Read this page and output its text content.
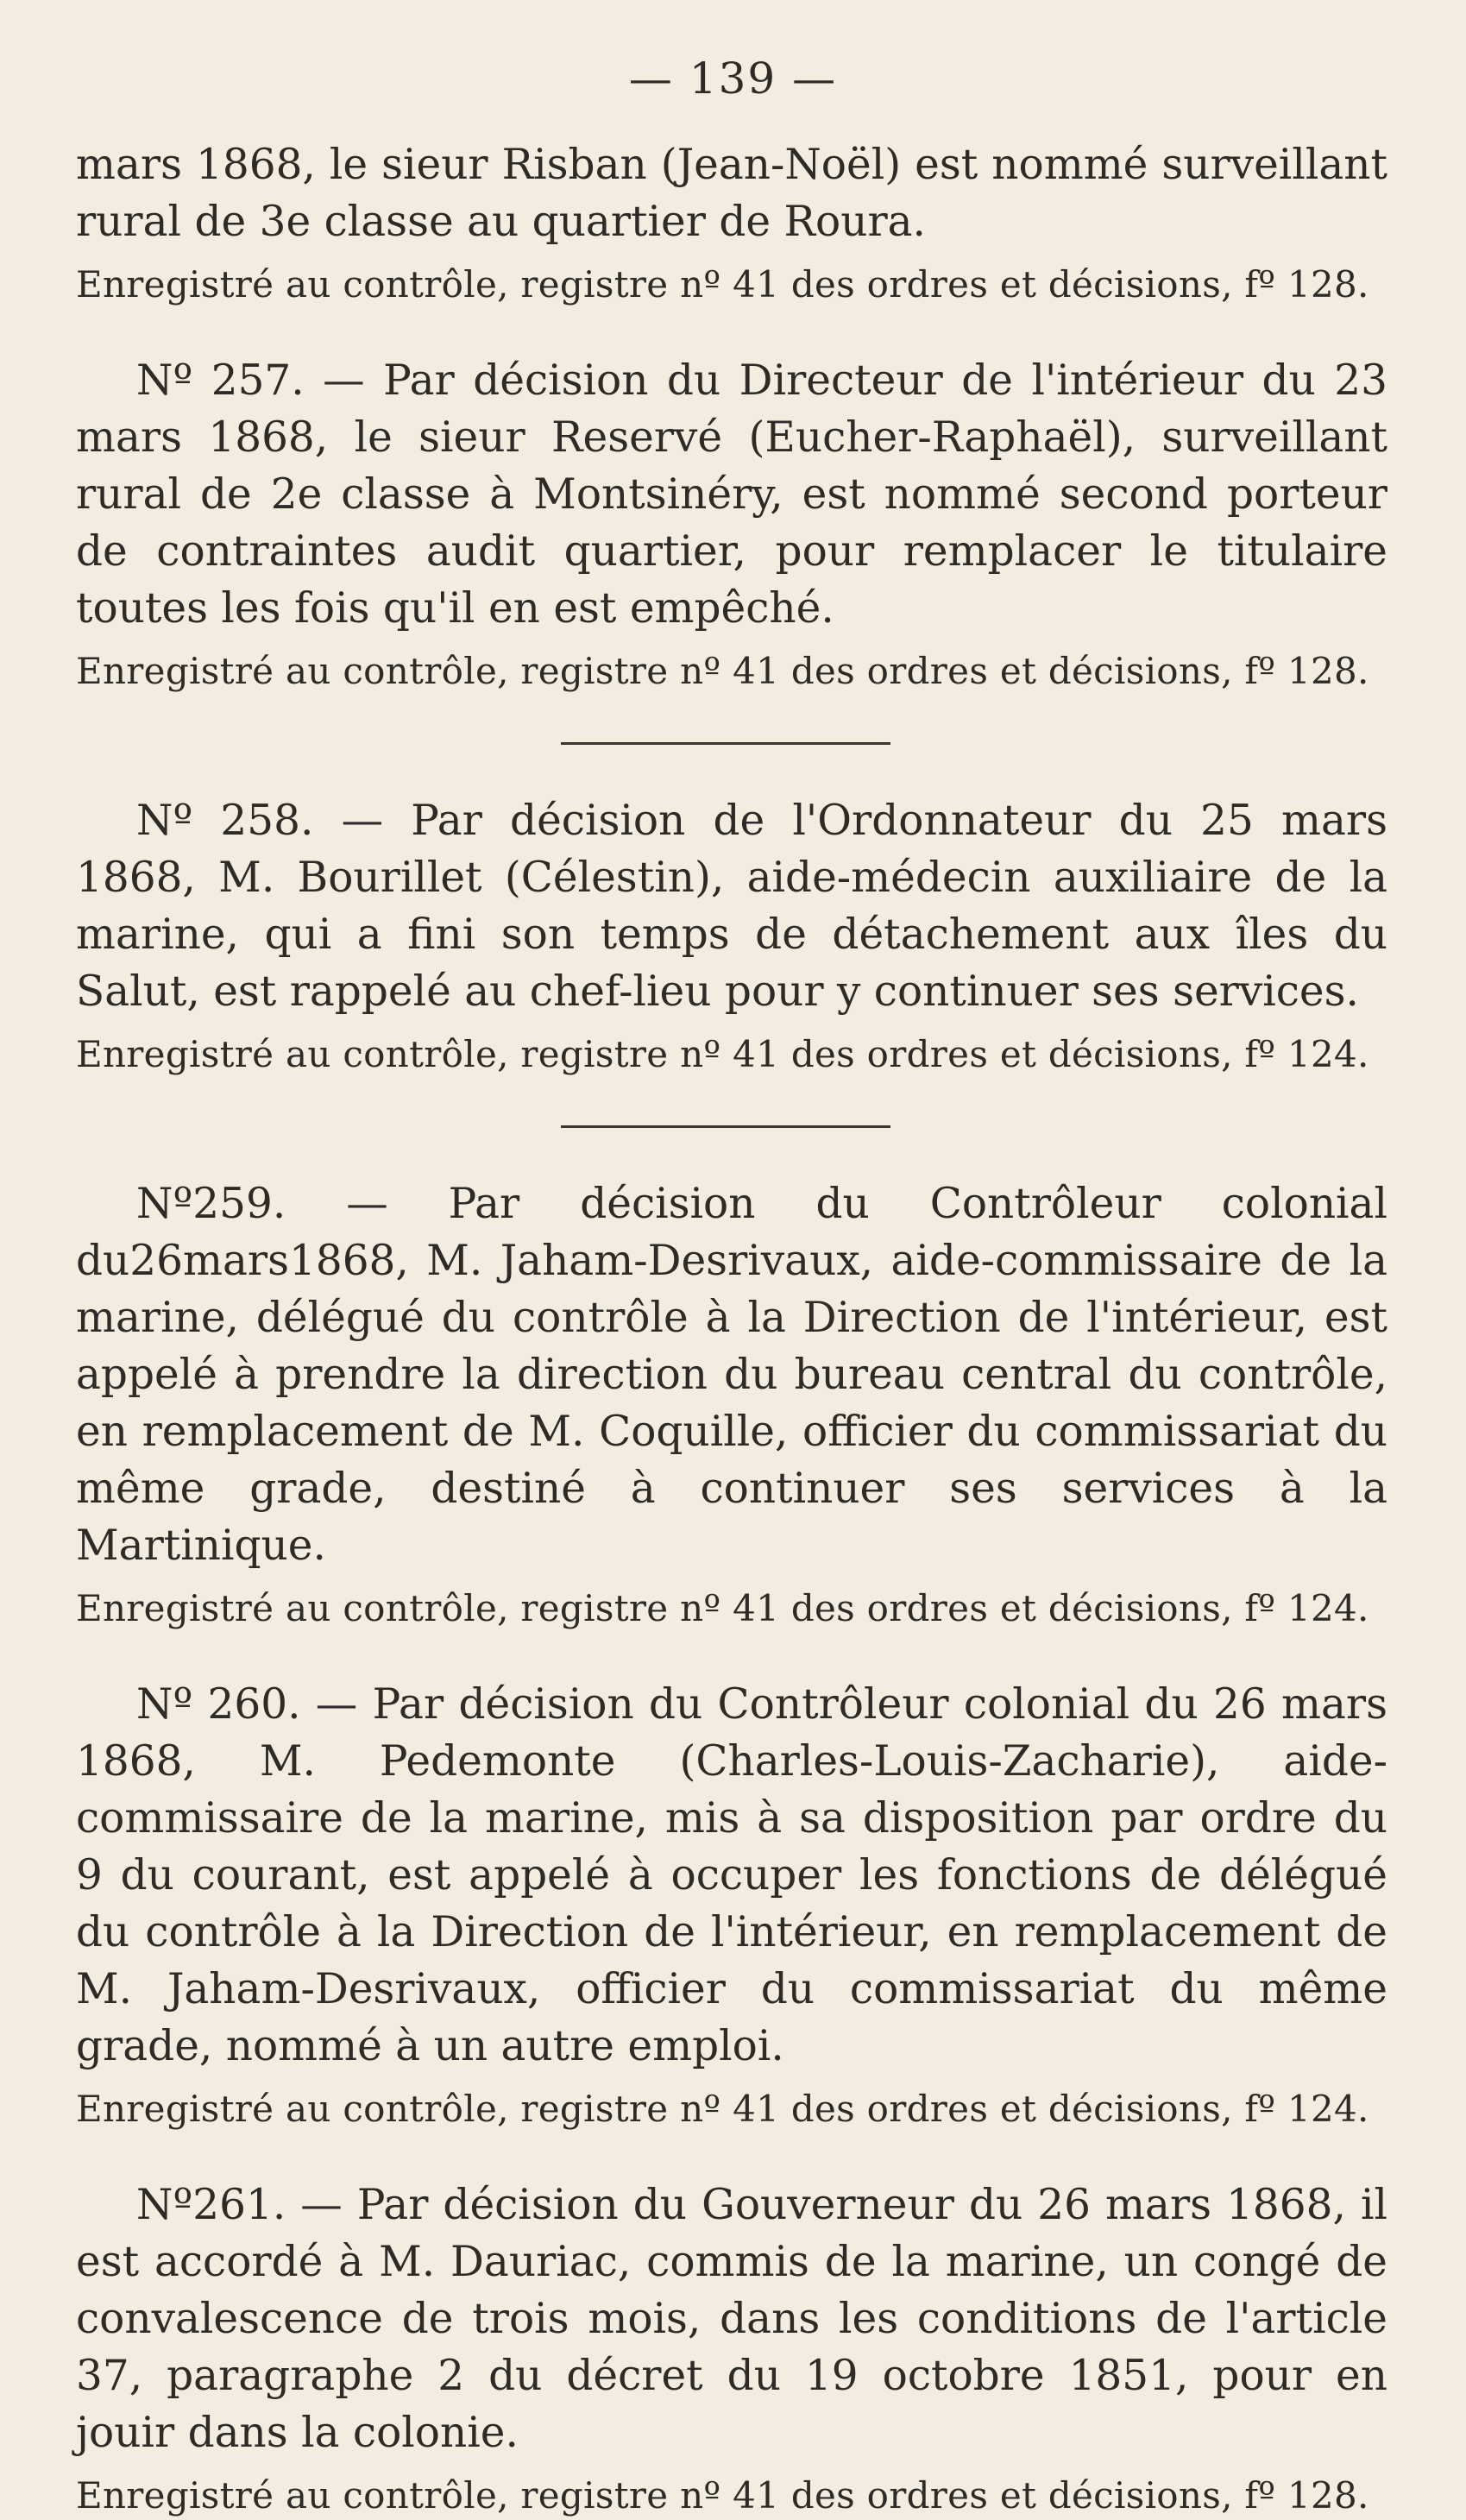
— 139 —

mars 1868, le sieur Risban (Jean-Noël) est nommé surveillant rural de 3e classe au quartier de Roura.

Enregistré au contrôle, registre nº 41 des ordres et décisions, fº 128.

Nº 257. — Par décision du Directeur de l'intérieur du 23 mars 1868, le sieur Reservé (Eucher-Raphaël), surveillant rural de 2e classe à Montsinéry, est nommé second porteur de contraintes audit quartier, pour remplacer le titulaire toutes les fois qu'il en est empêché.

Enregistré au contrôle, registre nº 41 des ordres et décisions, fº 128.

Nº 258. — Par décision de l'Ordonnateur du 25 mars 1868, M. Bourillet (Célestin), aide-médecin auxiliaire de la marine, qui a fini son temps de détachement aux îles du Salut, est rappelé au chef-lieu pour y continuer ses services.

Enregistré au contrôle, registre nº 41 des ordres et décisions, fº 124.

Nº259. — Par décision du Contrôleur colonial du26mars1868, M. Jaham-Desrivaux, aide-commissaire de la marine, délégué du contrôle à la Direction de l'intérieur, est appelé à prendre la direction du bureau central du contrôle, en remplacement de M. Coquille, officier du commissariat du même grade, destiné à continuer ses services à la Martinique.

Enregistré au contrôle, registre nº 41 des ordres et décisions, fº 124.

Nº 260. — Par décision du Contrôleur colonial du 26 mars 1868, M. Pedemonte (Charles-Louis-Zacharie), aide-commissaire de la marine, mis à sa disposition par ordre du 9 du courant, est appelé à occuper les fonctions de délégué du contrôle à la Direction de l'intérieur, en remplacement de M. Jaham-Desrivaux, officier du commissariat du même grade, nommé à un autre emploi.

Enregistré au contrôle, registre nº 41 des ordres et décisions, fº 124.

Nº261. — Par décision du Gouverneur du 26 mars 1868, il est accordé à M. Dauriac, commis de la marine, un congé de convalescence de trois mois, dans les conditions de l'article 37, paragraphe 2 du décret du 19 octobre 1851, pour en jouir dans la colonie.

Enregistré au contrôle, registre nº 41 des ordres et décisions, fº 128.
